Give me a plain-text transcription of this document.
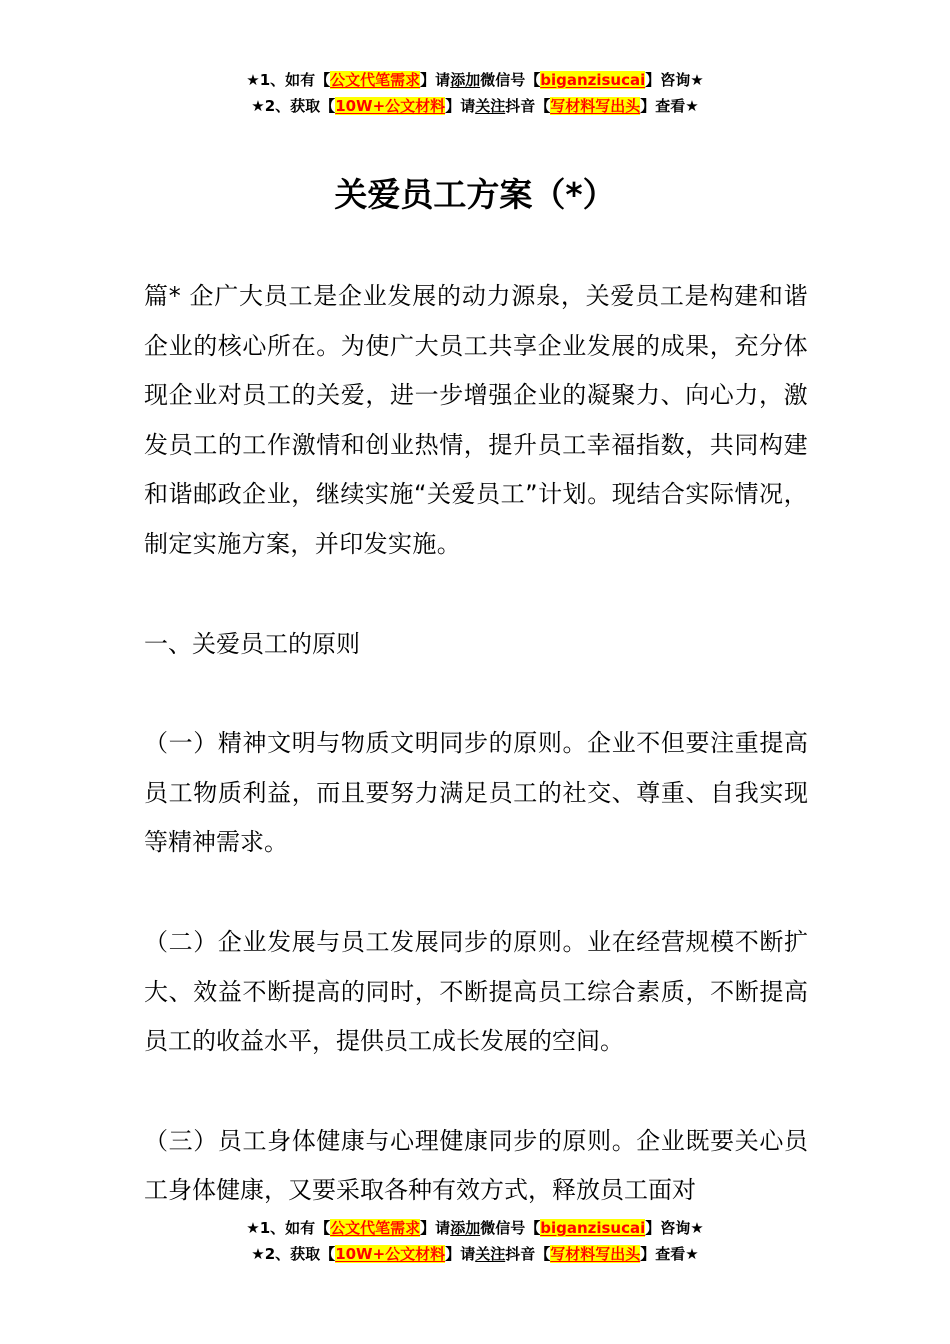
★1、如有【公文代笔需求】请添加微信号【biganzisucai】咨询★
★2、获取【10W+公文材料】请关注抖音【写材料写出头】查看★
关爱员工方案（*）

篇* 企广大员工是企业发展的动力源泉，关爱员工是构建和谐企业的核心所在。为使广大员工共享企业发展的成果，充分体现企业对员工的关爱，进一步增强企业的凝聚力、向心力，激发员工的工作激情和创业热情，提升员工幸福指数，共同构建和谐邮政企业，继续实施“关爱员工”计划。现结合实际情况，制定实施方案，并印发实施。

一、关爱员工的原则

（一）精神文明与物质文明同步的原则。企业不但要注重提高员工物质利益，而且要努力满足员工的社交、尊重、自我实现等精神需求。

（二）企业发展与员工发展同步的原则。业在经营规模不断扩大、效益不断提高的同时，不断提高员工综合素质，不断提高员工的收益水平，提供员工成长发展的空间。

（三）员工身体健康与心理健康同步的原则。企业既要关心员工身体健康，又要采取各种有效方式，释放员工面对

★1、如有【公文代笔需求】请添加微信号【biganzisucai】咨询★
★2、获取【10W+公文材料】请关注抖音【写材料写出头】查看★
